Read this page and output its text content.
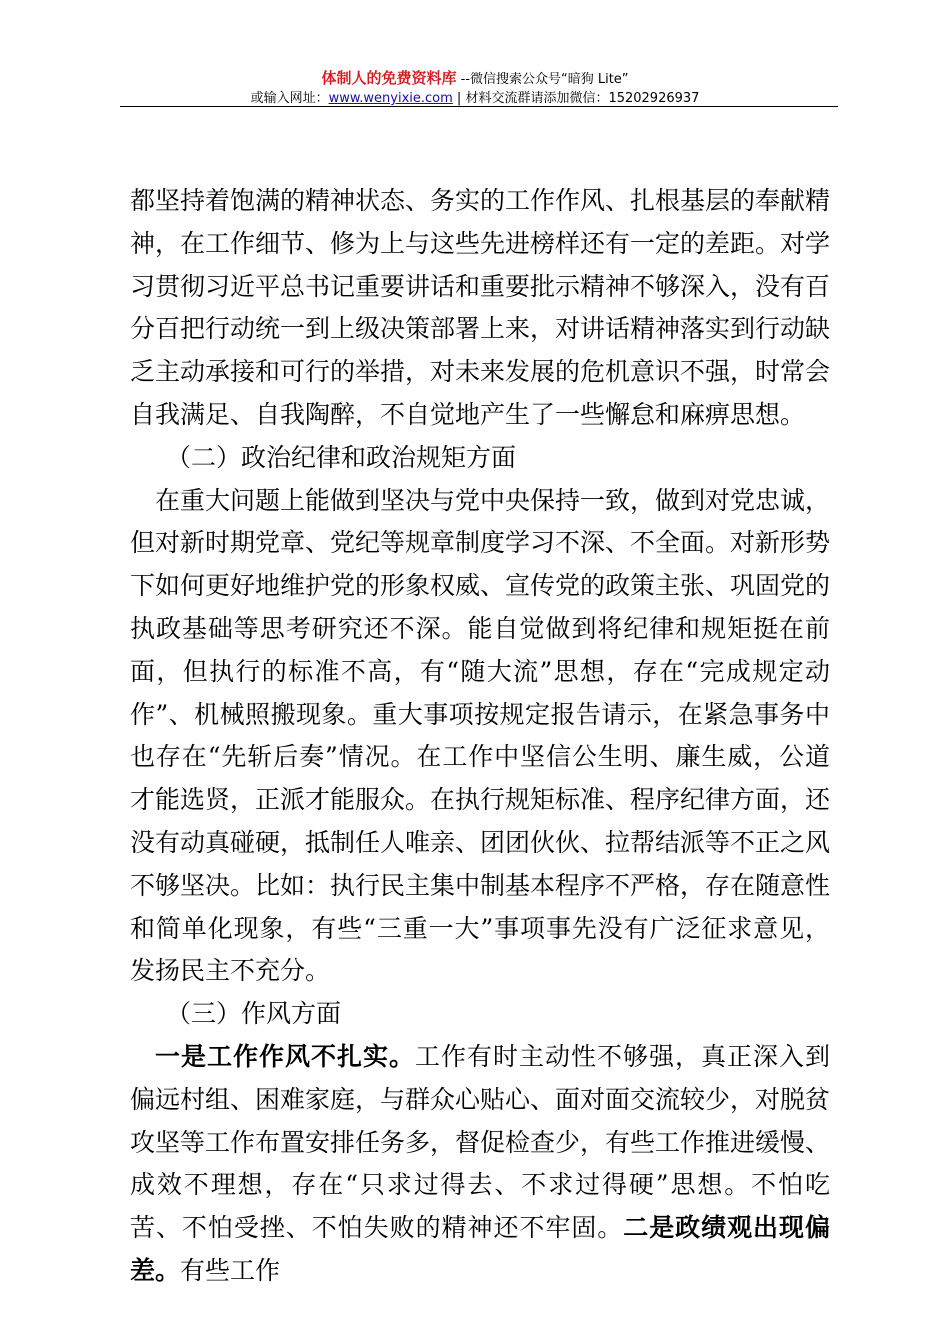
体制人的免费资料库 --微信搜索公众号“暗狗 Lite”
或输入网址：www.wenyixie.com | 材料交流群请添加微信：15202926937

都坚持着饱满的精神状态、务实的工作作风、扎根基层的奉献精神，在工作细节、修为上与这些先进榜样还有一定的差距。对学习贯彻习近平总书记重要讲话和重要批示精神不够深入，没有百分百把行动统一到上级决策部署上来，对讲话精神落实到行动缺乏主动承接和可行的举措，对未来发展的危机意识不强，时常会自我满足、自我陶醉，不自觉地产生了一些懈怠和麻痹思想。

（二）政治纪律和政治规矩方面

在重大问题上能做到坚决与党中央保持一致，做到对党忠诚，但对新时期党章、党纪等规章制度学习不深、不全面。对新形势下如何更好地维护党的形象权威、宣传党的政策主张、巩固党的执政基础等思考研究还不深。能自觉做到将纪律和规矩挺在前面，但执行的标准不高，有“随大流”思想，存在“完成规定动作”、机械照搬现象。重大事项按规定报告请示，在紧急事务中也存在“先斩后奏”情况。在工作中坚信公生明、廉生威，公道才能选贤，正派才能服众。在执行规矩标准、程序纪律方面，还没有动真碰硬，抵制任人唯亲、团团伙伙、拉帮结派等不正之风不够坚决。比如：执行民主集中制基本程序不严格，存在随意性和简单化现象，有些“三重一大”事项事先没有广泛征求意见，发扬民主不充分。

（三）作风方面

一是工作作风不扎实。工作有时主动性不够强，真正深入到偏远村组、困难家庭，与群众心贴心、面对面交流较少，对脱贫攻坚等工作布置安排任务多，督促检查少，有些工作推进缓慢、成效不理想，存在“只求过得去、不求过得硬”思想。不怕吃苦、不怕受挫、不怕失败的精神还不牢固。二是政绩观出现偏差。有些工作
